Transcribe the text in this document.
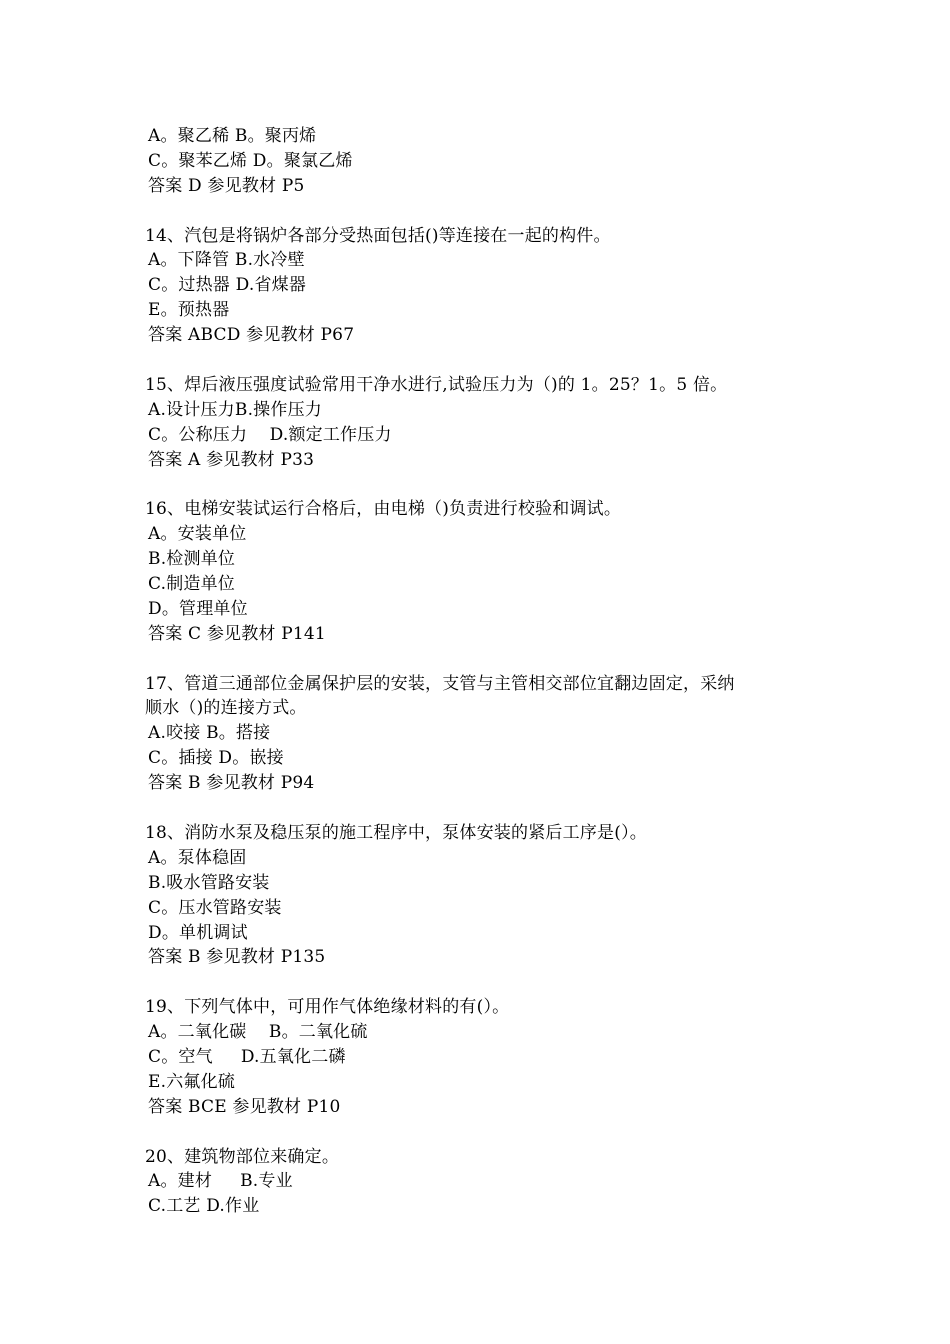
A。聚乙稀 B。聚丙烯
C。聚苯乙烯 D。聚氯乙烯
答案 D 参见教材 P5
14、汽包是将锅炉各部分受热面包括()等连接在一起的构件。
A。下降管 B.水冷壁
C。过热器 D.省煤器
E。预热器
答案 ABCD 参见教材 P67
15、焊后液压强度试验常用干净水进行,试验压力为（)的 1。25？1。5 倍。
A.设计压力B.操作压力
C。公称压力    D.额定工作压力
答案 A 参见教材 P33
16、电梯安装试运行合格后，由电梯（)负责进行校验和调试。
A。安装单位
B.检测单位
C.制造单位
D。管理单位
答案 C 参见教材 P141
17、管道三通部位金属保护层的安装，支管与主管相交部位宜翻边固定，采纳
顺水（)的连接方式。
A.咬接 B。搭接
C。插接 D。嵌接
答案 B 参见教材 P94
18、消防水泵及稳压泵的施工程序中，泵体安装的紧后工序是(）。
A。泵体稳固
B.吸水管路安装
C。压水管路安装
D。单机调试
答案 B 参见教材 P135
19、下列气体中，可用作气体绝缘材料的有(）。
A。二氧化碳    B。二氧化硫
C。空气     D.五氧化二磷
E.六氟化硫
答案 BCE 参见教材 P10
20、建筑物部位来确定。
A。建材     B.专业
C.工艺 D.作业
